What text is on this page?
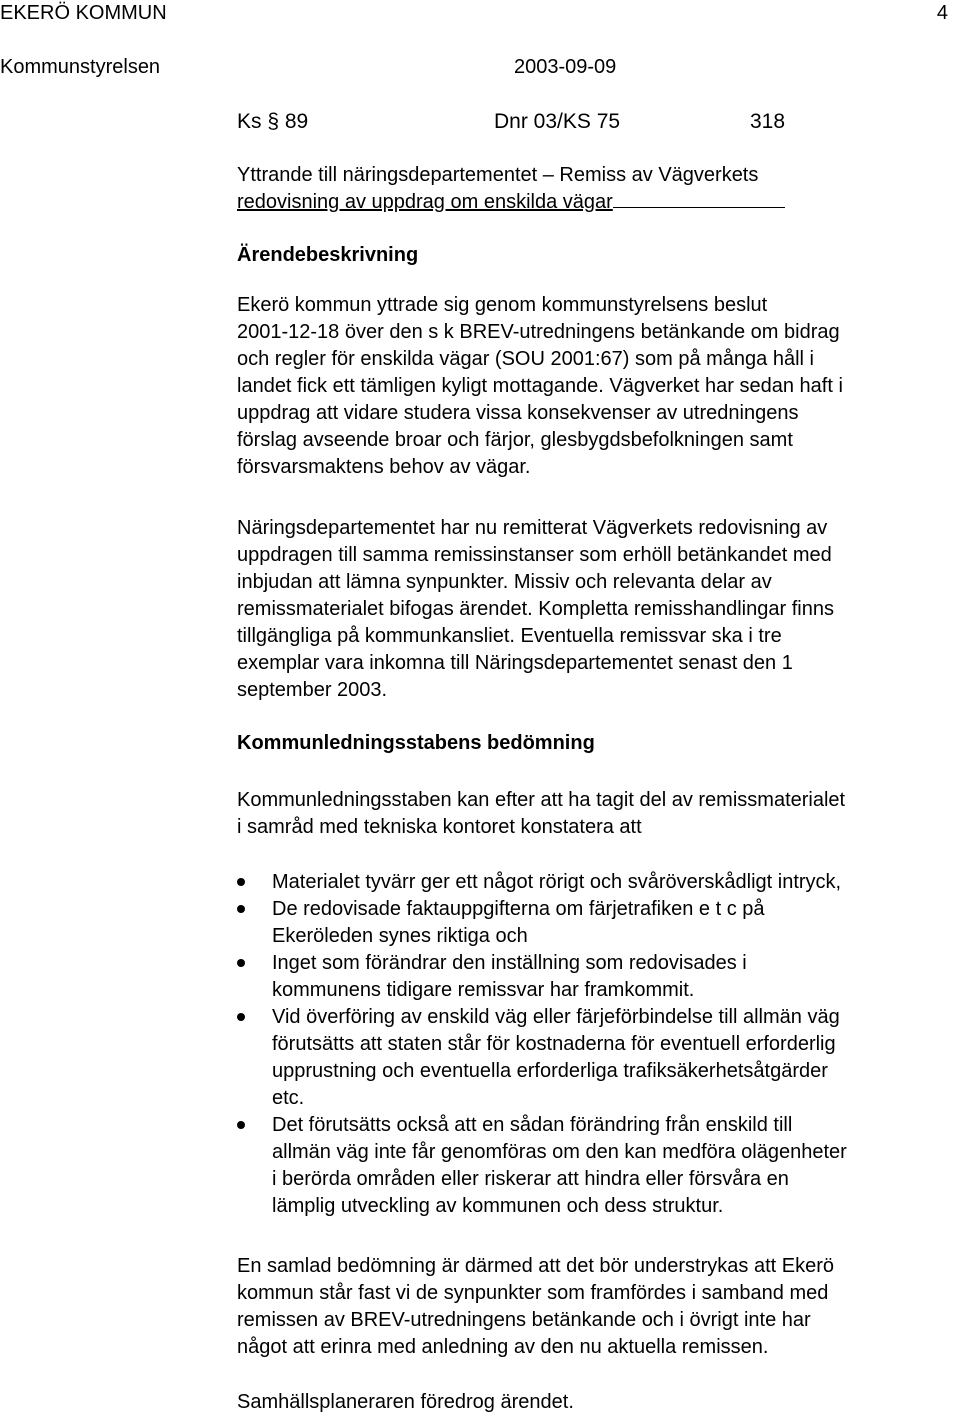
EKERÖ KOMMUN	4
Kommunstyrelsen	2003-09-09
Ks § 89	Dnr 03/KS 75	318
Yttrande till näringsdepartementet – Remiss av Vägverkets
redovisning av uppdrag om enskilda vägar
Ärendebeskrivning
Ekerö kommun yttrade sig genom kommunstyrelsens beslut
2001-12-18 över den s k BREV-utredningens betänkande om bidrag
och regler för enskilda vägar (SOU 2001:67) som på många håll i
landet fick ett tämligen kyligt mottagande. Vägverket har sedan haft i
uppdrag att vidare studera vissa konsekvenser av utredningens
förslag avseende broar och färjor, glesbygdsbefolkningen samt
försvarsmaktens behov av vägar.
Näringsdepartementet har nu remitterat Vägverkets redovisning av
uppdragen till samma remissinstanser som erhöll betänkandet med
inbjudan att lämna synpunkter. Missiv och relevanta delar av
remissmaterialet bifogas ärendet. Kompletta remisshandlingar finns
tillgängliga på kommunkansliet. Eventuella remissvar ska i tre
exemplar vara inkomna till Näringsdepartementet senast den 1
september 2003.
Kommunledningsstabens bedömning
Kommunledningsstaben kan efter att ha tagit del av remissmaterialet
i samråd med tekniska kontoret konstatera att
Materialet tyvärr ger ett något rörigt och svåröverskådligt intryck,
De redovisade faktauppgifterna om färjetrafiken e t c på
Ekeröleden synes riktiga och
Inget som förändrar den inställning som redovisades i
kommunens tidigare remissvar har framkommit.
Vid överföring av enskild väg eller färjeförbindelse till allmän väg
förutsätts att staten står för kostnaderna för eventuell erforderlig
upprustning och eventuella erforderliga trafiksäkerhetsåtgärder
etc.
Det förutsätts också att en sådan förändring från enskild till
allmän väg inte får genomföras om den kan medföra olägenheter
i berörda områden eller riskerar att hindra eller försvåra en
lämplig utveckling av kommunen och dess struktur.
En samlad bedömning är därmed att det bör understrykas att Ekerö
kommun står fast vi de synpunkter som framfördes i samband med
remissen av BREV-utredningens betänkande och i övrigt inte har
något att erinra med anledning av den nu aktuella remissen.
Samhällsplaneraren föredrog ärendet.
